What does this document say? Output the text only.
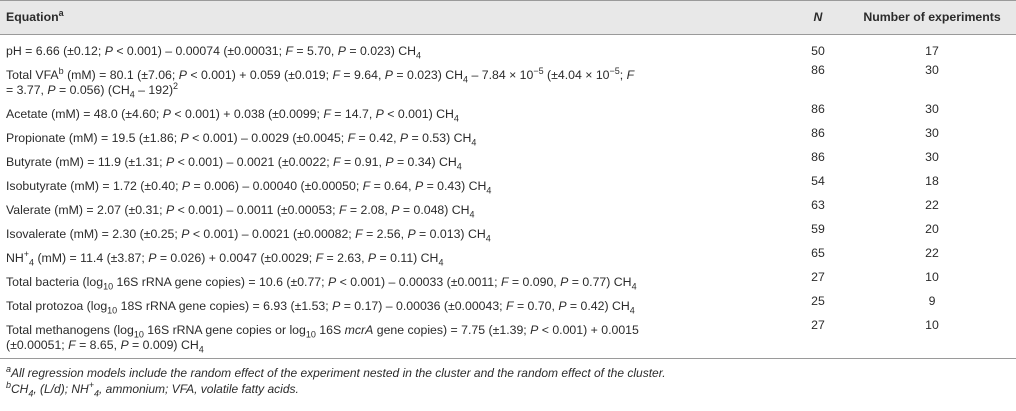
Equation$^a$	N	Number of experiments
pH = 6.66 (±0.12; P < 0.001) – 0.00074 (±0.00031; F = 5.70, P = 0.023) $CH_4$	50	17
Total VFA$^b$ (mM) = 80.1 (±7.06; P < 0.001) + 0.059 (±0.019; F = 9.64, P = 0.023) $CH_4 - 7.84 \times 10^{-5}$ ($\pm 4.04 \times 10^{-5}$; F
= 3.77, P = 0.056) $(CH_4 - 192)^2$	86	30
Acetate (mM) = 48.0 (±4.60; P < 0.001) + 0.038 (±0.0099; F = 14.7, P < 0.001) $CH_4$	86	30
Propionate (mM) = 19.5 (±1.86; P < 0.001) – 0.0029 (±0.0045; F = 0.42, P = 0.53) $CH_4$	86	30
Butyrate (mM) = 11.9 (±1.31; P < 0.001) – 0.0021 (±0.0022; F = 0.91, P = 0.34) $CH_4$	86	30
Isobutyrate (mM) = 1.72 (±0.40; P = 0.006) – 0.00040 (±0.00050; F = 0.64, P = 0.43) $CH_4$	54	18
Valerate (mM) = 2.07 (±0.31; P < 0.001) – 0.0011 (±0.00053; F = 2.08, P = 0.048) $CH_4$	63	22
Isovalerate (mM) = 2.30 (±0.25; P < 0.001) – 0.0021 (±0.00082; F = 2.56, P = 0.013) $CH_4$	59	20
$NH^+_4$ (mM) = 11.4 (±3.87; P = 0.026) + 0.0047 (±0.0029; F = 2.63, P = 0.11) $CH_4$	65	22
Total bacteria ($\log_{10}$ 16S rRNA gene copies) = 10.6 (±0.77; P < 0.001) – 0.00033 (±0.0011; F = 0.090, P = 0.77) $CH_4$	27	10
Total protozoa ($\log_{10}$ 18S rRNA gene copies) = 6.93 (±1.53; P = 0.17) – 0.00036 (±0.00043; F = 0.70, P = 0.42) $CH_4$	25	9
Total methanogens ($\log_{10}$ 16S rRNA gene copies or $\log_{10} 16S$ mcrA gene copies) = 7.75 (±1.39; P < 0.001) + 0.0015
(±0.00051; F = 8.65, P = 0.009) $CH_4$	27	10
$^a$All regression models include the random effect of the experiment nested in the cluster and the random effect of the cluster.
$^bCH_4$, (L/d); $NH^+_4$, ammonium; VFA, volatile fatty acids.
